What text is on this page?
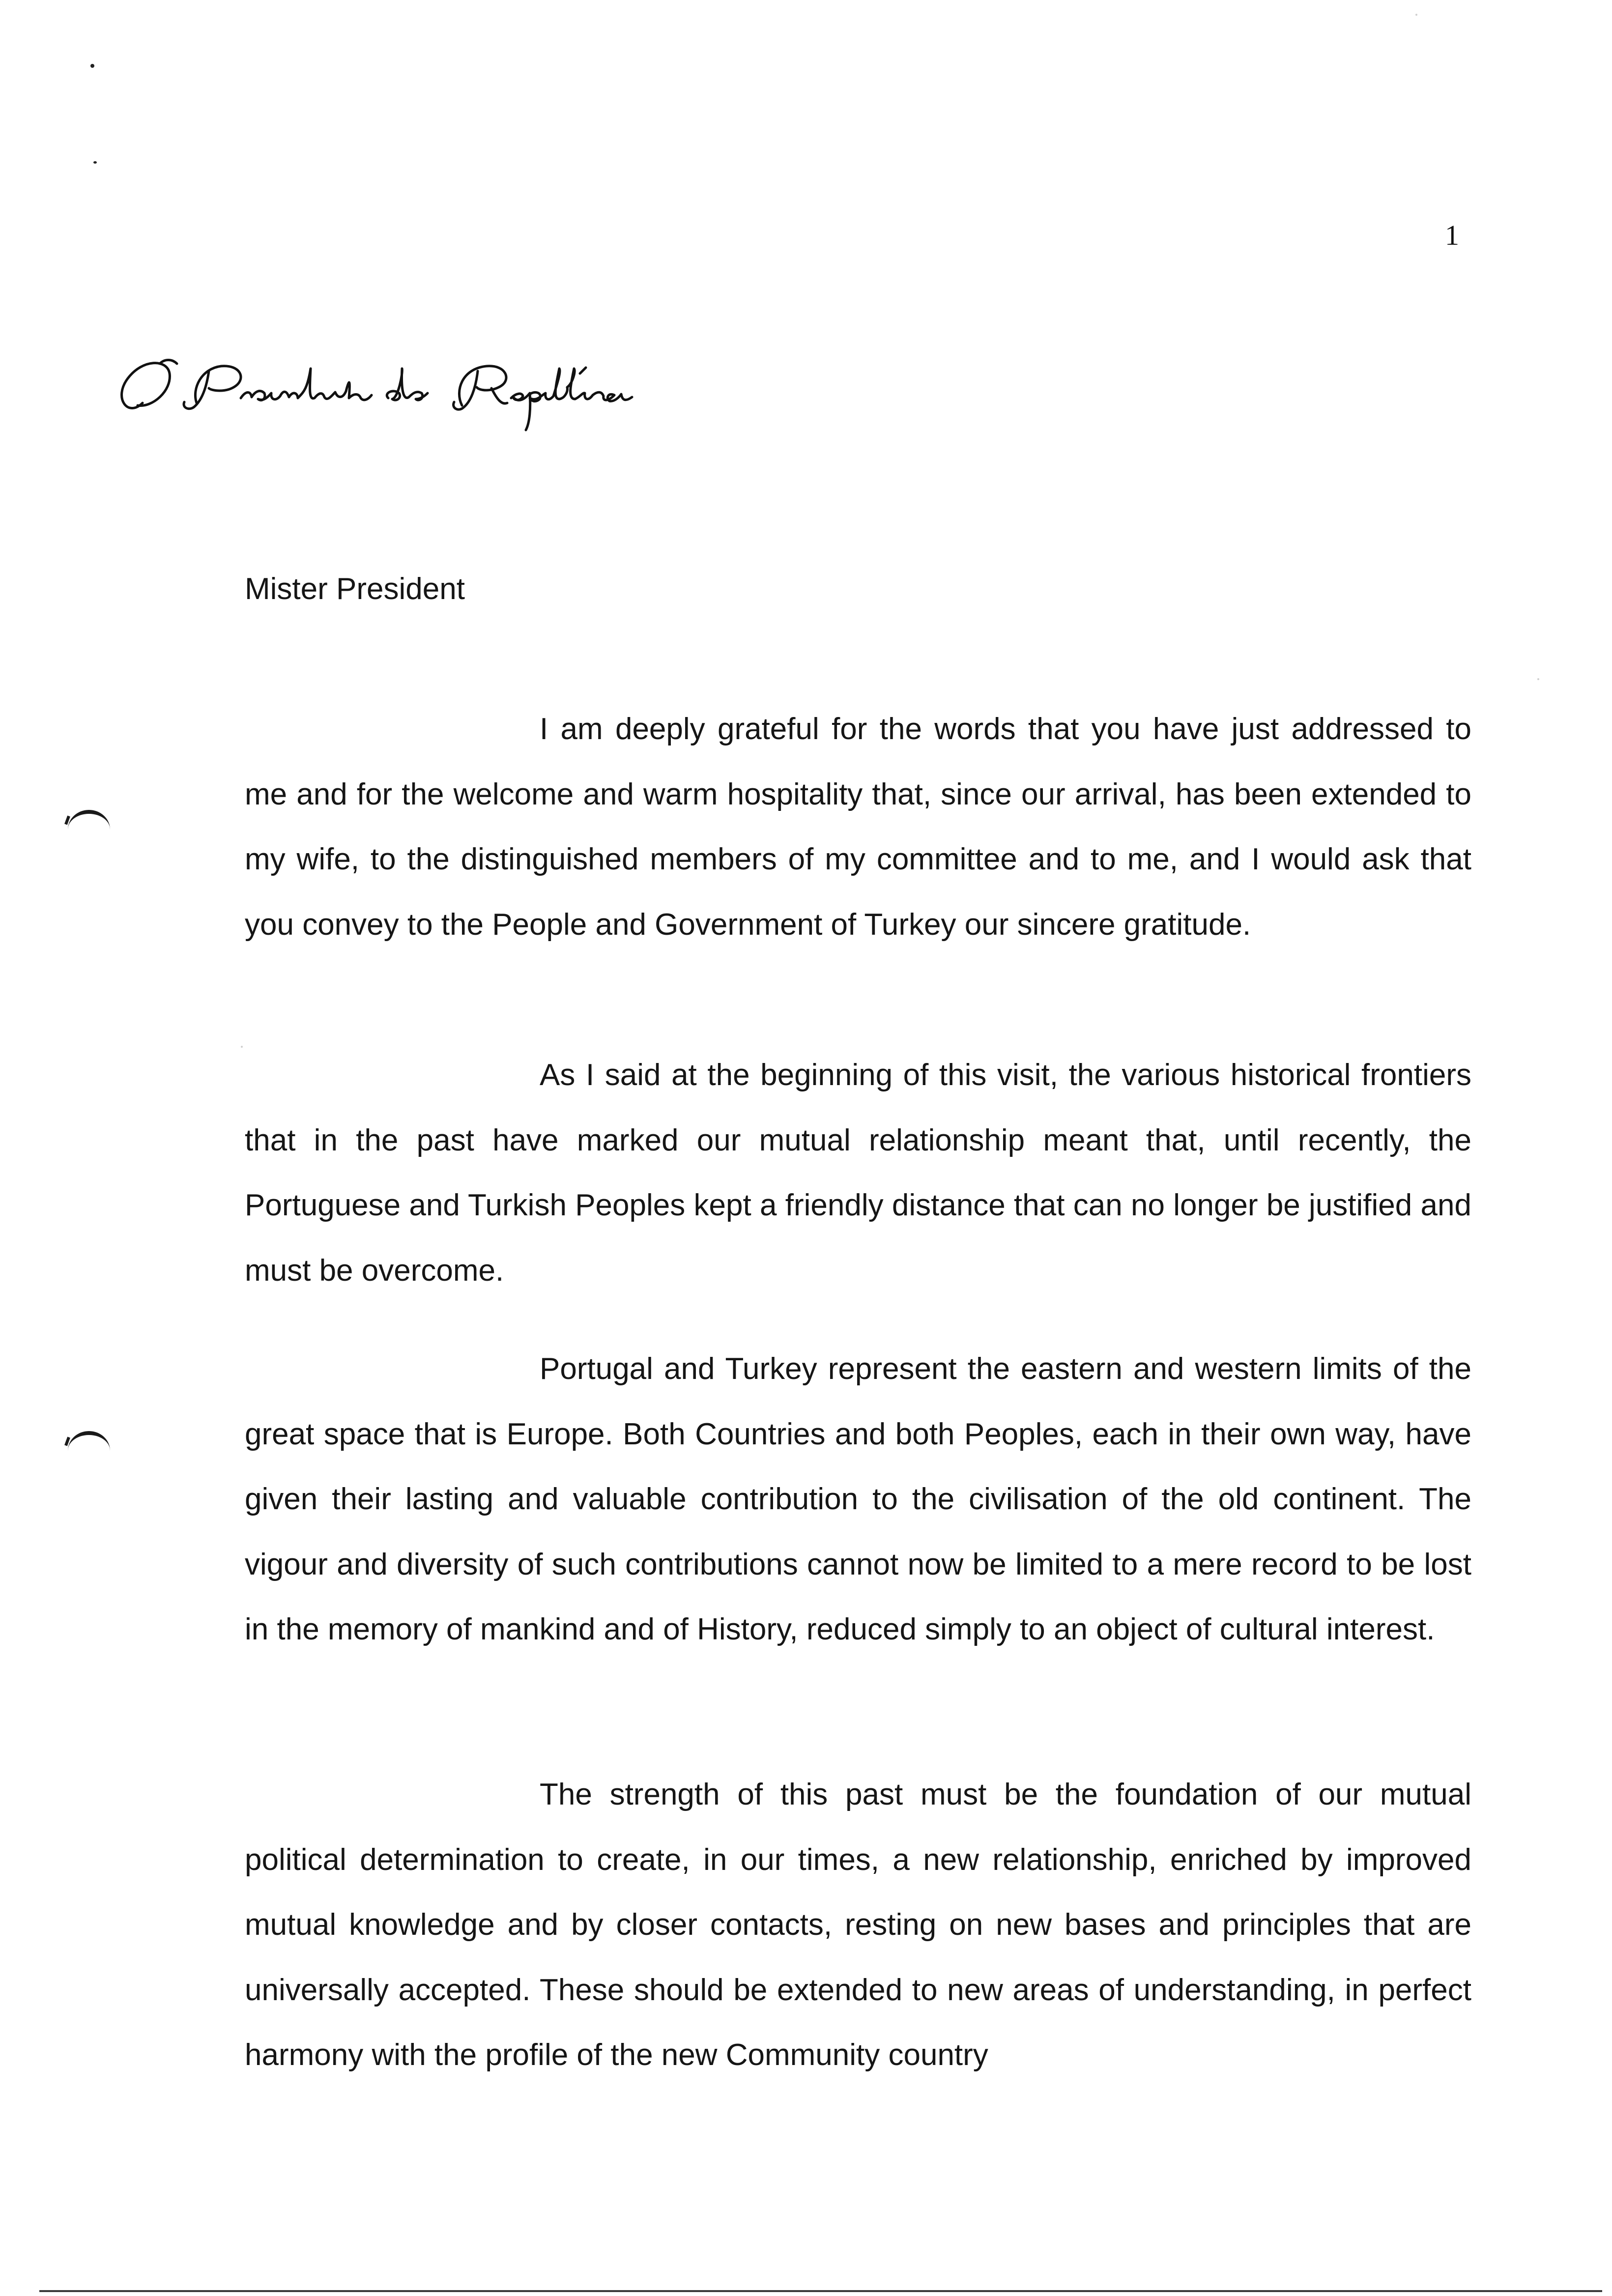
1
Mister President

I am deeply grateful for the words that you have just addressed to me and for the welcome and warm hospitality that, since our arrival, has been extended to my wife, to the distinguished members of my committee and to me, and I would ask that you convey to the People and Government of Turkey our sincere gratitude.

As I said at the beginning of this visit, the various historical frontiers that in the past have marked our mutual relationship meant that, until recently, the Portuguese and Turkish Peoples kept a friendly distance that can no longer be justified and must be overcome.

Portugal and Turkey represent the eastern and western limits of the great space that is Europe. Both Countries and both Peoples, each in their own way, have given their lasting and valuable contribution to the civilisation of the old continent. The vigour and diversity of such contributions cannot now be limited to a mere record to be lost in the memory of mankind and of History, reduced simply to an object of cultural interest.

The strength of this past must be the foundation of our mutual political determination to create, in our times, a new relationship, enriched by improved mutual knowledge and by closer contacts, resting on new bases and principles that are universally accepted. These should be extended to new areas of understanding, in perfect harmony with the profile of the new Community country
